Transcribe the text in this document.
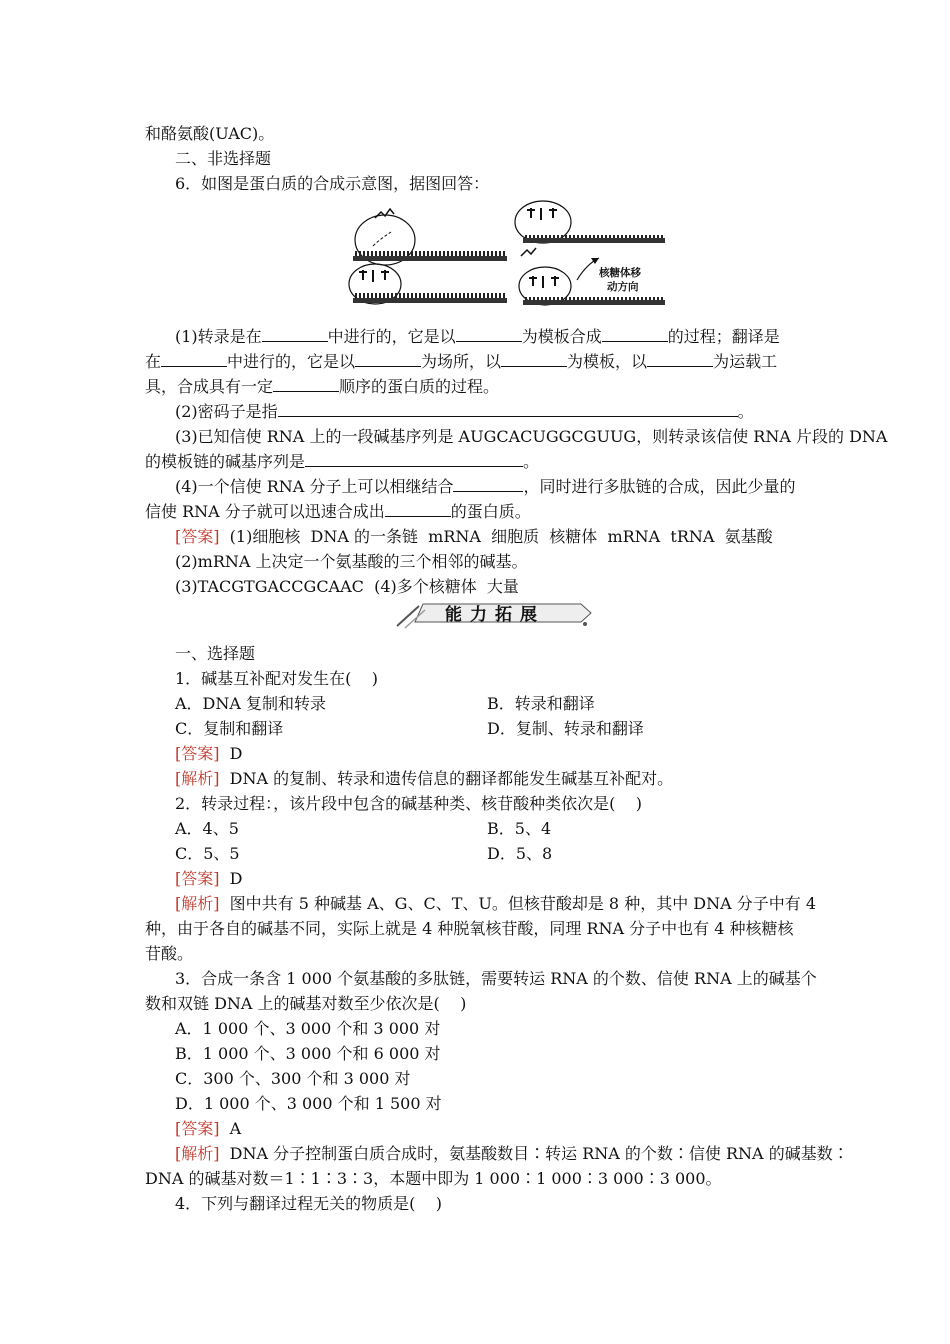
和酪氨酸(UAC)。
二、非选择题
6．如图是蛋白质的合成示意图，据图回答：
核糖体移
动方向
(1)转录是在	中进行的，它是以	为模板合成	的过程；翻译是
在	中进行的，它是以	为场所，以	为模板，以	为运载工
具，合成具有一定	顺序的蛋白质的过程。
(2)密码子是指	。
(3)已知信使 RNA 上的一段碱基序列是 AUGCACUGGCGUUG，则转录该信使 RNA 片段的 DNA
的模板链的碱基序列是	。
(4)一个信使 RNA 分子上可以相继结合	，同时进行多肽链的合成，因此少量的
信使 RNA 分子就可以迅速合成出	的蛋白质。
[答案]  (1)细胞核  DNA 的一条链  mRNA  细胞质  核糖体  mRNA  tRNA  氨基酸
(2)mRNA 上决定一个氨基酸的三个相邻的碱基。
(3)TACGTGACCGCAAC  (4)多个核糖体  大量
能力拓展
一、选择题
1．碱基互补配对发生在(    )
A．DNA 复制和转录	B．转录和翻译
C．复制和翻译	D．复制、转录和翻译
[答案]  D
[解析]  DNA 的复制、转录和遗传信息的翻译都能发生碱基互补配对。
2．转录过程：，该片段中包含的碱基种类、核苷酸种类依次是(    )
A．4、5	B．5、4
C．5、5	D．5、8
[答案]  D
[解析]  图中共有 5 种碱基 A、G、C、T、U。但核苷酸却是 8 种，其中 DNA 分子中有 4
种，由于各自的碱基不同，实际上就是 4 种脱氧核苷酸，同理 RNA 分子中也有 4 种核糖核
苷酸。
3．合成一条含 1 000 个氨基酸的多肽链，需要转运 RNA 的个数、信使 RNA 上的碱基个
数和双链 DNA 上的碱基对数至少依次是(    )
A．1 000 个、3 000 个和 3 000 对
B．1 000 个、3 000 个和 6 000 对
C．300 个、300 个和 3 000 对
D．1 000 个、3 000 个和 1 500 对
[答案]  A
[解析]  DNA 分子控制蛋白质合成时，氨基酸数目∶转运 RNA 的个数∶信使 RNA 的碱基数∶
DNA 的碱基对数＝1∶1∶3∶3，本题中即为 1 000∶1 000∶3 000∶3 000。
4．下列与翻译过程无关的物质是(    )
